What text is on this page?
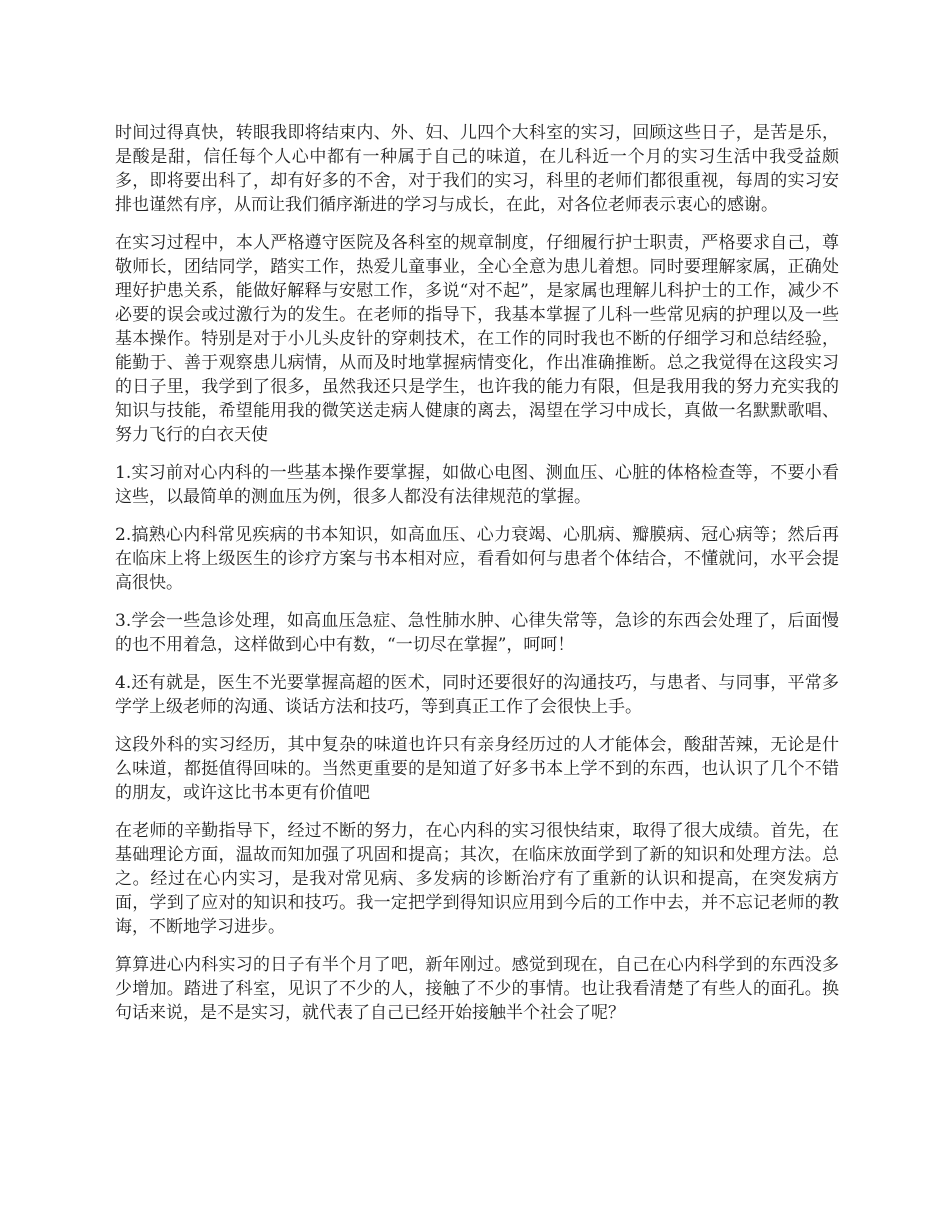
时间过得真快，转眼我即将结束内、外、妇、儿四个大科室的实习，回顾这些日子，是苦是乐，是酸是甜，信任每个人心中都有一种属于自己的味道，在儿科近一个月的实习生活中我受益颇多，即将要出科了，却有好多的不舍，对于我们的实习，科里的老师们都很重视，每周的实习安排也谨然有序，从而让我们循序渐进的学习与成长，在此，对各位老师表示衷心的感谢。

在实习过程中，本人严格遵守医院及各科室的规章制度，仔细履行护士职责，严格要求自己，尊敬师长，团结同学，踏实工作，热爱儿童事业，全心全意为患儿着想。同时要理解家属，正确处理好护患关系，能做好解释与安慰工作，多说“对不起”，是家属也理解儿科护士的工作，减少不必要的误会或过激行为的发生。在老师的指导下，我基本掌握了儿科一些常见病的护理以及一些基本操作。特别是对于小儿头皮针的穿刺技术，在工作的同时我也不断的仔细学习和总结经验，能勤于、善于观察患儿病情，从而及时地掌握病情变化，作出准确推断。总之我觉得在这段实习的日子里，我学到了很多，虽然我还只是学生，也许我的能力有限，但是我用我的努力充实我的知识与技能，希望能用我的微笑送走病人健康的离去，渴望在学习中成长，真做一名默默歌唱、努力飞行的白衣天使

1.实习前对心内科的一些基本操作要掌握，如做心电图、测血压、心脏的体格检查等，不要小看这些，以最简单的测血压为例，很多人都没有法律规范的掌握。

2.搞熟心内科常见疾病的书本知识，如高血压、心力衰竭、心肌病、瓣膜病、冠心病等；然后再在临床上将上级医生的诊疗方案与书本相对应，看看如何与患者个体结合，不懂就问，水平会提高很快。

3.学会一些急诊处理，如高血压急症、急性肺水肿、心律失常等，急诊的东西会处理了，后面慢的也不用着急，这样做到心中有数，“一切尽在掌握”，呵呵！

4.还有就是，医生不光要掌握高超的医术，同时还要很好的沟通技巧，与患者、与同事，平常多学学上级老师的沟通、谈话方法和技巧，等到真正工作了会很快上手。

这段外科的实习经历，其中复杂的味道也许只有亲身经历过的人才能体会，酸甜苦辣，无论是什么味道，都挺值得回味的。当然更重要的是知道了好多书本上学不到的东西，也认识了几个不错的朋友，或许这比书本更有价值吧

在老师的辛勤指导下，经过不断的努力，在心内科的实习很快结束，取得了很大成绩。首先，在基础理论方面，温故而知加强了巩固和提高；其次，在临床放面学到了新的知识和处理方法。总之。经过在心内实习，是我对常见病、多发病的诊断治疗有了重新的认识和提高，在突发病方面，学到了应对的知识和技巧。我一定把学到得知识应用到今后的工作中去，并不忘记老师的教诲，不断地学习进步。

算算进心内科实习的日子有半个月了吧，新年刚过。感觉到现在，自己在心内科学到的东西没多少增加。踏进了科室，见识了不少的人，接触了不少的事情。也让我看清楚了有些人的面孔。换句话来说，是不是实习，就代表了自己已经开始接触半个社会了呢？
